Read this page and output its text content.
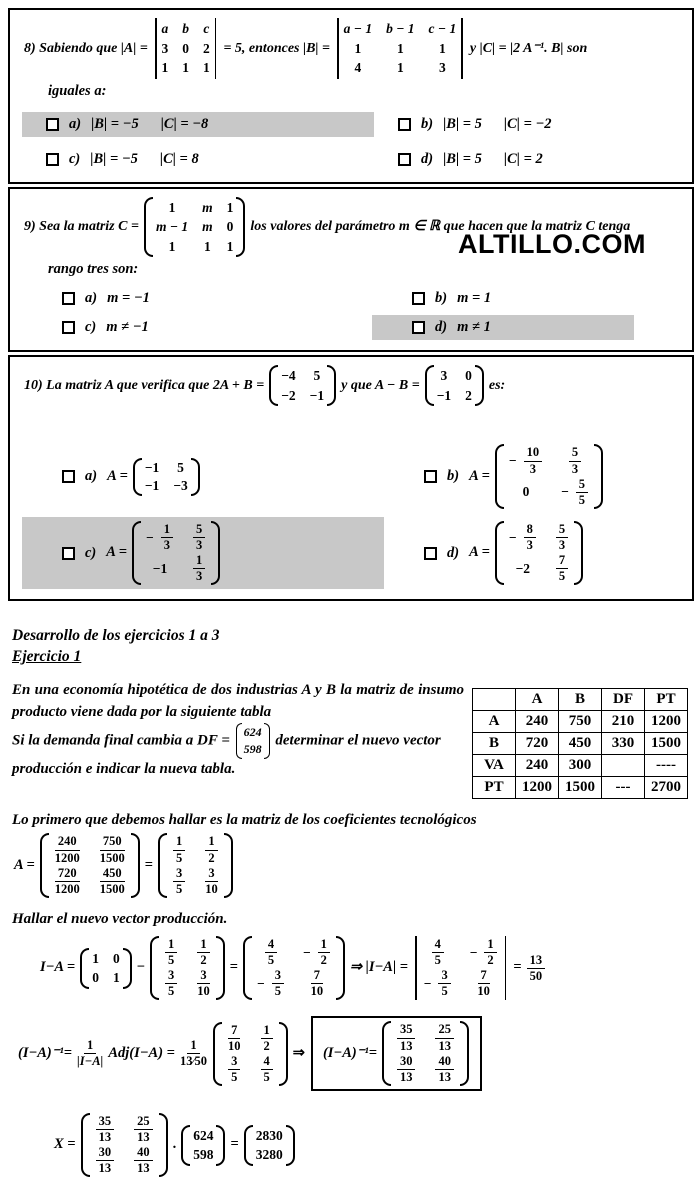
8) Sabiendo que |A| =
a b c
3 0 2
1 1 1
= 5, entonces |B| =
a − 1 b − 1 c − 1
1	1	1
4	1	3
y |C| = |2 A⁻¹. B| son
iguales a:
a) |B| = −5 |C| = −8	b) |B| = 5 |C| = −2
c) |B| = −5 |C| = 8	d) |B| = 5 |C| = 2
ALTILLO.COM
9) Sea la matriz C =
1 m 1
m − 1 m 0
1 1 1
los valores del parámetro m ∈ ℝ que hacen que la matriz C tenga
rango tres son:
a) m = −1	b) m = 1
c) m ≠ −1	d) m ≠ 1
10) La matriz A que verifica que 2A + B =
−4 5
−2 −1
y que A − B =
3 0
−1 2
es:
a) A =
−1 5
−1 −3
b) A =
− $\frac{10}{3} \frac{5}{3}$
$0 - \frac{5}{5}$
c) A =
− $\frac{1}{3} \frac{5}{3}$
$-1 \frac{1}{3}$
d) A =
− $\frac{8}{3} \frac{5}{3}$
$-2 \frac{7}{5}$
Desarrollo de los ejercicios 1 a 3
Ejercicio 1

En una economía hipotética de dos industrias A y B la matriz de insumo producto viene dada por la siguiente tabla

Si la demanda final cambia a DF =
624
598
determinar el nuevo vector producción e indicar la nueva tabla.

	A	B	DF	PT
A	240	750	210	1200
B	720	450	330	1500
VA	240	300		----
PT	1200	1500	---	2700
Lo primero que debemos hallar es la matriz de los coeficientes tecnológicos
A =
$\frac{240}{1200} \frac{750}{1500}$
$\frac{720}{1200} \frac{450}{1500}$
=
$\frac{1}{5} \frac{1}{2}$
$\frac{3}{5} \frac{3}{10}$
Hallar el nuevo vector producción.
I−A =
1 0
0 1
−
$\frac{1}{5} \frac{1}{2}$
$\frac{3}{5} \frac{3}{10}$
=
$\frac{4}{5} - \frac{1}{2}$
− $\frac{3}{5} \frac{7}{10}$
⇒ |I−A| =
$\frac{4}{5} - \frac{1}{2}$
− $\frac{3}{5} \frac{7}{10}$
= $\frac{13}{50}$
$(I-A)^{-1}= \frac{1}{|I-A|} Adj(I-A) = \frac{1}{13∕50}$
$\frac{7}{10} \frac{1}{2}$
$\frac{3}{5} \frac{4}{5}$
⇒ (I−A)⁻¹=
$\frac{35}{13} \frac{25}{13}$
$\frac{30}{13} \frac{40}{13}$
X =
$\frac{35}{13} \frac{25}{13}$
$\frac{30}{13} \frac{40}{13}$
.
624
598
=
2830
3280
